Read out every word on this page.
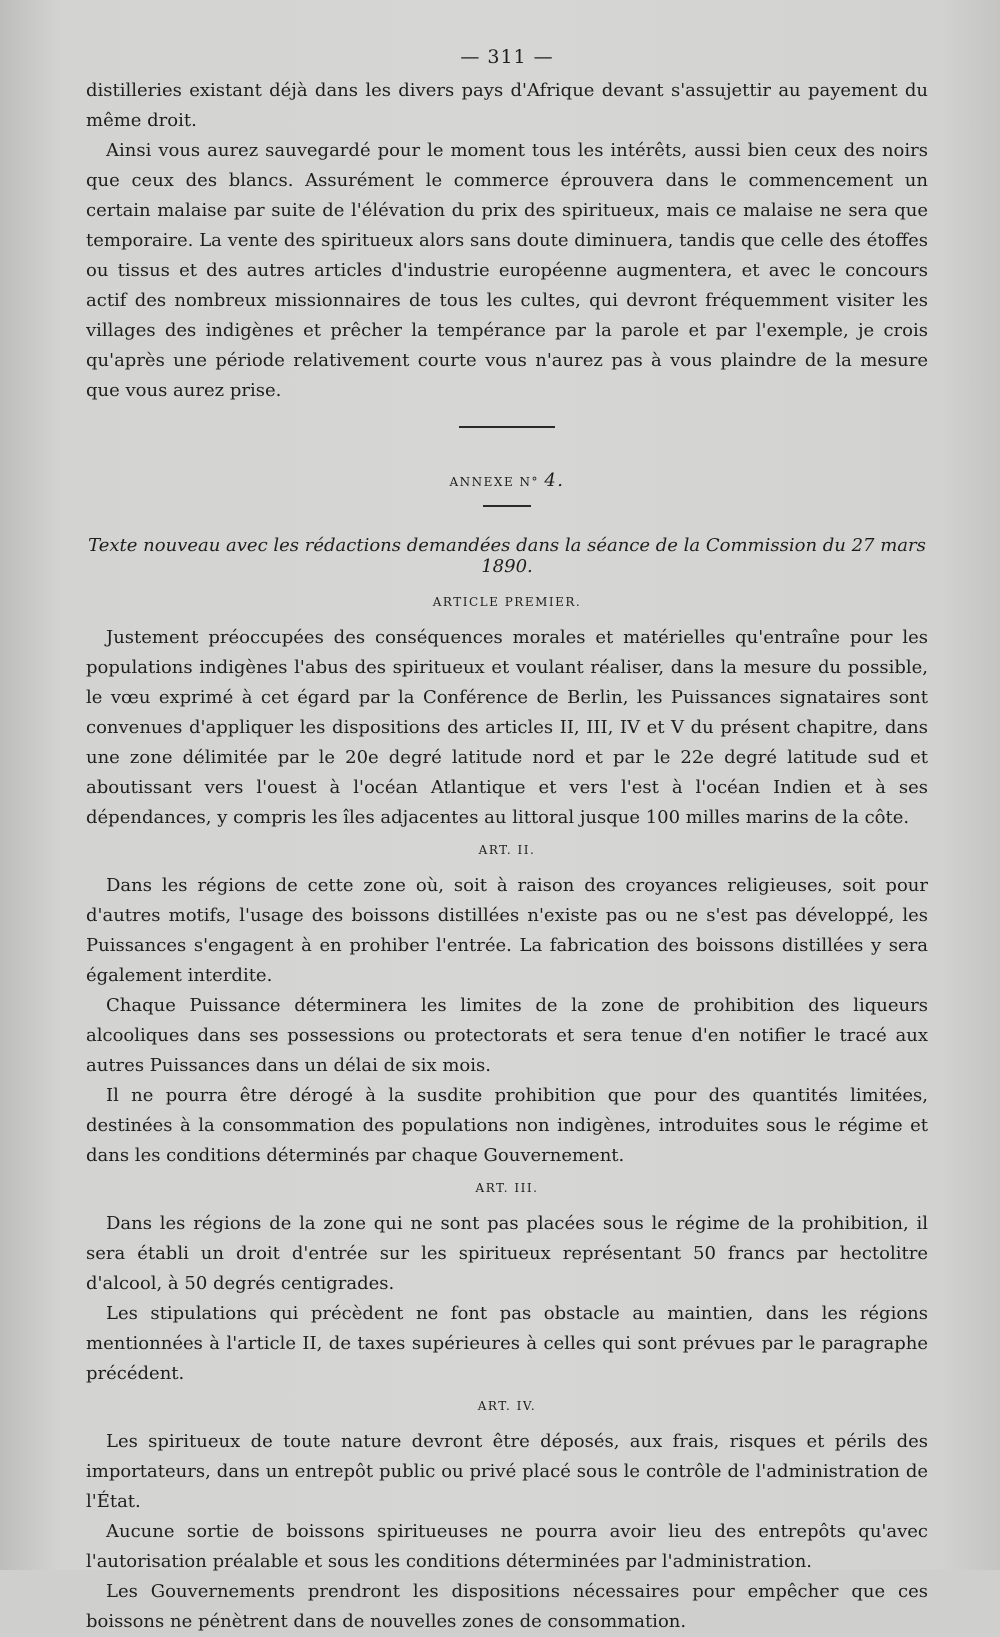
— 311 —

distilleries existant déjà dans les divers pays d'Afrique devant s'assujettir au payement du même droit.

Ainsi vous aurez sauvegardé pour le moment tous les intérêts, aussi bien ceux des noirs que ceux des blancs. Assurément le commerce éprouvera dans le commencement un certain malaise par suite de l'élévation du prix des spiritueux, mais ce malaise ne sera que temporaire. La vente des spiritueux alors sans doute diminuera, tandis que celle des étoffes ou tissus et des autres articles d'industrie européenne augmentera, et avec le concours actif des nombreux missionnaires de tous les cultes, qui devront fréquemment visiter les villages des indigènes et prêcher la tempérance par la parole et par l'exemple, je crois qu'après une période relativement courte vous n'aurez pas à vous plaindre de la mesure que vous aurez prise.

ANNEXE N° 4.
Texte nouveau avec les rédactions demandées dans la séance de la Commission du 27 mars 1890.
ARTICLE PREMIER.

Justement préoccupées des conséquences morales et matérielles qu'entraîne pour les populations indigènes l'abus des spiritueux et voulant réaliser, dans la mesure du possible, le vœu exprimé à cet égard par la Conférence de Berlin, les Puissances signataires sont convenues d'appliquer les dispositions des articles II, III, IV et V du présent chapitre, dans une zone délimitée par le 20e degré latitude nord et par le 22e degré latitude sud et aboutissant vers l'ouest à l'océan Atlantique et vers l'est à l'océan Indien et à ses dépendances, y compris les îles adjacentes au littoral jusque 100 milles marins de la côte.

ART. II.

Dans les régions de cette zone où, soit à raison des croyances religieuses, soit pour d'autres motifs, l'usage des boissons distillées n'existe pas ou ne s'est pas développé, les Puissances s'engagent à en prohiber l'entrée. La fabrication des boissons distillées y sera également interdite.

Chaque Puissance déterminera les limites de la zone de prohibition des liqueurs alcooliques dans ses possessions ou protectorats et sera tenue d'en notifier le tracé aux autres Puissances dans un délai de six mois.

Il ne pourra être dérogé à la susdite prohibition que pour des quantités limitées, destinées à la consommation des populations non indigènes, introduites sous le régime et dans les conditions déterminés par chaque Gouvernement.

ART. III.

Dans les régions de la zone qui ne sont pas placées sous le régime de la prohibition, il sera établi un droit d'entrée sur les spiritueux représentant 50 francs par hectolitre d'alcool, à 50 degrés centigrades.

Les stipulations qui précèdent ne font pas obstacle au maintien, dans les régions mentionnées à l'article II, de taxes supérieures à celles qui sont prévues par le paragraphe précédent.

ART. IV.

Les spiritueux de toute nature devront être déposés, aux frais, risques et périls des importateurs, dans un entrepôt public ou privé placé sous le contrôle de l'administration de l'État.

Aucune sortie de boissons spiritueuses ne pourra avoir lieu des entrepôts qu'avec l'autorisation préalable et sous les conditions déterminées par l'administration.

Les Gouvernements prendront les dispositions nécessaires pour empêcher que ces boissons ne pénètrent dans de nouvelles zones de consommation.
